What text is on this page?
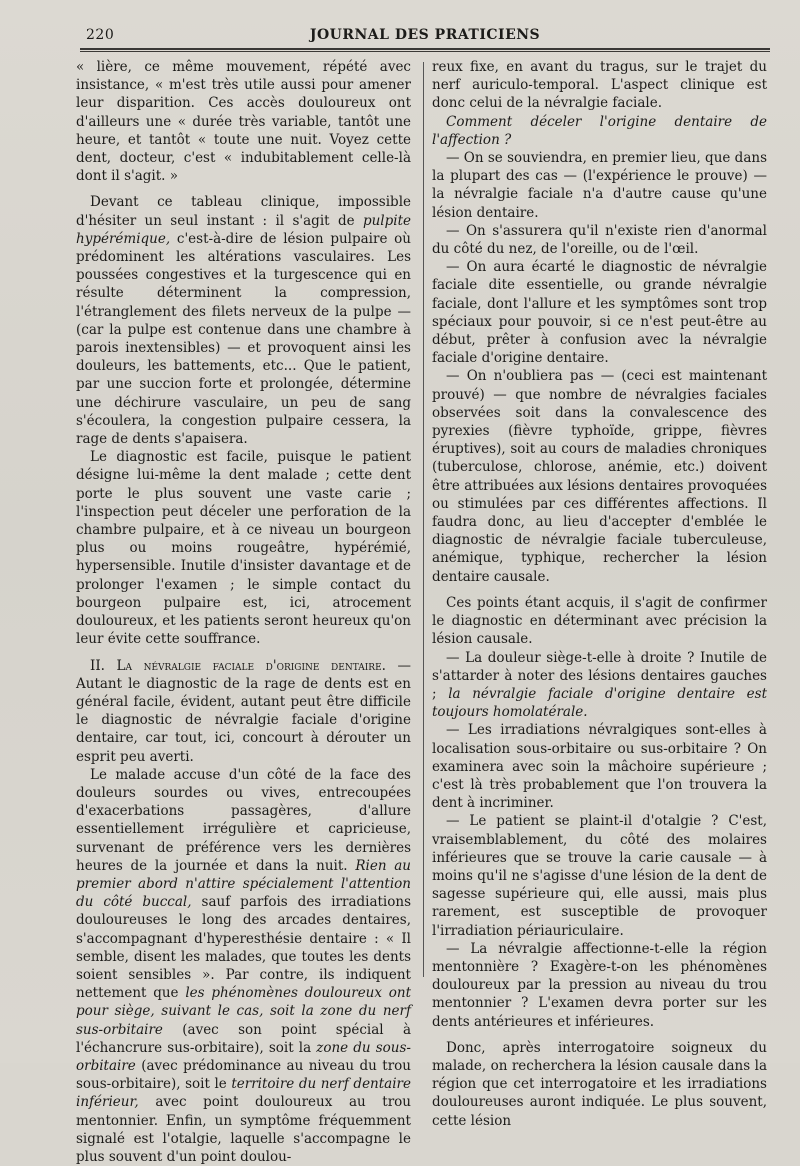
220	JOURNAL DES PRATICIENS

« lière, ce même mouvement, répété avec insistance, « m'est très utile aussi pour amener leur disparition. Ces accès douloureux ont d'ailleurs une « durée très variable, tantôt une heure, et tantôt « toute une nuit. Voyez cette dent, docteur, c'est « indubitablement celle-là dont il s'agit. »

Devant ce tableau clinique, impossible d'hésiter un seul instant : il s'agit de pulpite hypérémique, c'est-à-dire de lésion pulpaire où prédominent les altérations vasculaires. Les poussées congestives et la turgescence qui en résulte déterminent la compression, l'étranglement des filets nerveux de la pulpe — (car la pulpe est contenue dans une chambre à parois inextensibles) — et provoquent ainsi les douleurs, les battements, etc... Que le patient, par une succion forte et prolongée, détermine une déchirure vasculaire, un peu de sang s'écoulera, la congestion pulpaire cessera, la rage de dents s'apaisera.

Le diagnostic est facile, puisque le patient désigne lui-même la dent malade ; cette dent porte le plus souvent une vaste carie ; l'inspection peut déceler une perforation de la chambre pulpaire, et à ce niveau un bourgeon plus ou moins rougeâtre, hypérémié, hypersensible. Inutile d'insister davantage et de prolonger l'examen ; le simple contact du bourgeon pulpaire est, ici, atrocement douloureux, et les patients seront heureux qu'on leur évite cette souffrance.

II. La névralgie faciale d'origine dentaire. — Autant le diagnostic de la rage de dents est en général facile, évident, autant peut être difficile le diagnostic de névralgie faciale d'origine dentaire, car tout, ici, concourt à dérouter un esprit peu averti.

Le malade accuse d'un côté de la face des douleurs sourdes ou vives, entrecoupées d'exacerbations passagères, d'allure essentiellement irrégulière et capricieuse, survenant de préférence vers les dernières heures de la journée et dans la nuit. Rien au premier abord n'attire spécialement l'attention du côté buccal, sauf parfois des irradiations douloureuses le long des arcades dentaires, s'accompagnant d'hyperesthésie dentaire : « Il semble, disent les malades, que toutes les dents soient sensibles ». Par contre, ils indiquent nettement que les phénomènes douloureux ont pour siège, suivant le cas, soit la zone du nerf sus-orbitaire (avec son point spécial à l'échancrure sus-orbitaire), soit la zone du sous-orbitaire (avec prédominance au niveau du trou sous-orbitaire), soit le territoire du nerf dentaire inférieur, avec point douloureux au trou mentonnier. Enfin, un symptôme fréquemment signalé est l'otalgie, laquelle s'accompagne le plus souvent d'un point doulou-

reux fixe, en avant du tragus, sur le trajet du nerf auriculo-temporal. L'aspect clinique est donc celui de la névralgie faciale.

Comment déceler l'origine dentaire de l'affection ?

— On se souviendra, en premier lieu, que dans la plupart des cas — (l'expérience le prouve) — la névralgie faciale n'a d'autre cause qu'une lésion dentaire.

— On s'assurera qu'il n'existe rien d'anormal du côté du nez, de l'oreille, ou de l'œil.

— On aura écarté le diagnostic de névralgie faciale dite essentielle, ou grande névralgie faciale, dont l'allure et les symptômes sont trop spéciaux pour pouvoir, si ce n'est peut-être au début, prêter à confusion avec la névralgie faciale d'origine dentaire.

— On n'oubliera pas — (ceci est maintenant prouvé) — que nombre de névralgies faciales observées soit dans la convalescence des pyrexies (fièvre typhoïde, grippe, fièvres éruptives), soit au cours de maladies chroniques (tuberculose, chlorose, anémie, etc.) doivent être attribuées aux lésions dentaires provoquées ou stimulées par ces différentes affections. Il faudra donc, au lieu d'accepter d'emblée le diagnostic de névralgie faciale tuberculeuse, anémique, typhique, rechercher la lésion dentaire causale.

Ces points étant acquis, il s'agit de confirmer le diagnostic en déterminant avec précision la lésion causale.

— La douleur siège-t-elle à droite ? Inutile de s'attarder à noter des lésions dentaires gauches ; la névralgie faciale d'origine dentaire est toujours homolatérale.

— Les irradiations névralgiques sont-elles à localisation sous-orbitaire ou sus-orbitaire ? On examinera avec soin la mâchoire supérieure ; c'est là très probablement que l'on trouvera la dent à incriminer.

— Le patient se plaint-il d'otalgie ? C'est, vraisemblablement, du côté des molaires inférieures que se trouve la carie causale — à moins qu'il ne s'agisse d'une lésion de la dent de sagesse supérieure qui, elle aussi, mais plus rarement, est susceptible de provoquer l'irradiation périauriculaire.

— La névralgie affectionne-t-elle la région mentonnière ? Exagère-t-on les phénomènes douloureux par la pression au niveau du trou mentonnier ? L'examen devra porter sur les dents antérieures et inférieures.

Donc, après interrogatoire soigneux du malade, on recherchera la lésion causale dans la région que cet interrogatoire et les irradiations douloureuses auront indiquée. Le plus souvent, cette lésion
